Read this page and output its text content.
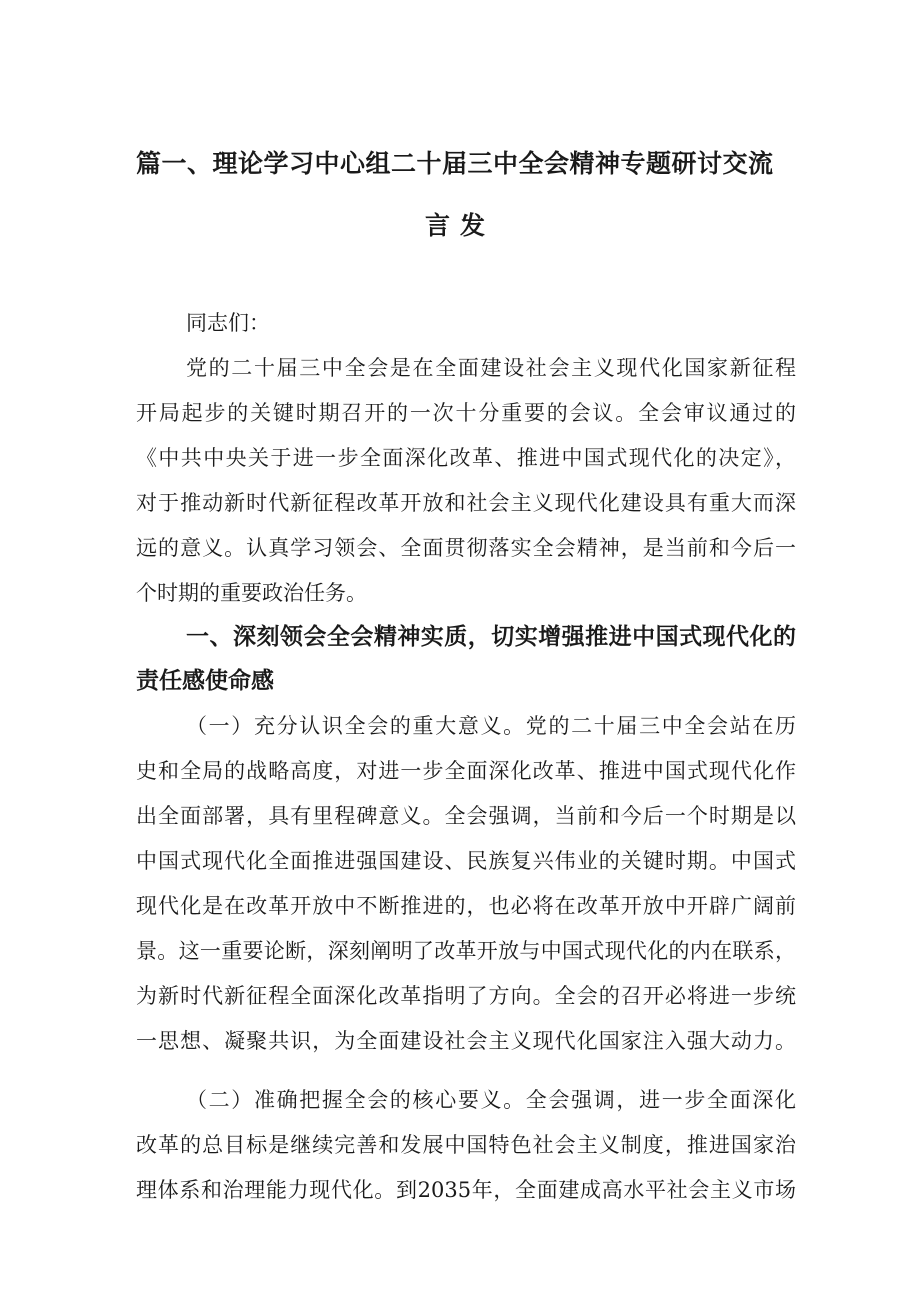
篇一、理论学习中心组二十届三中全会精神专题研讨交流
同志们：
党的二十届三中全会是在全面建设社会主义现代化国家新征程
开局起步的关键时期召开的一次十分重要的会议。全会审议通过的
《中共中央关于进一步全面深化改革、推进中国式现代化的决定》，
对于推动新时代新征程改革开放和社会主义现代化建设具有重大而深
远的意义。认真学习领会、全面贯彻落实全会精神，是当前和今后一
个时期的重要政治任务。
一、深刻领会全会精神实质，切实增强推进中国式现代化的
责任感使命感
（一）充分认识全会的重大意义。党的二十届三中全会站在历
史和全局的战略高度，对进一步全面深化改革、推进中国式现代化作
出全面部署，具有里程碑意义。全会强调，当前和今后一个时期是以
中国式现代化全面推进强国建设、民族复兴伟业的关键时期。中国式
现代化是在改革开放中不断推进的，也必将在改革开放中开辟广阔前
景。这一重要论断，深刻阐明了改革开放与中国式现代化的内在联系，
为新时代新征程全面深化改革指明了方向。全会的召开必将进一步统
一思想、凝聚共识，为全面建设社会主义现代化国家注入强大动力。
（二）准确把握全会的核心要义。全会强调，进一步全面深化
改革的总目标是继续完善和发展中国特色社会主义制度，推进国家治
理体系和治理能力现代化。到2035年，全面建成高水平社会主义市场
